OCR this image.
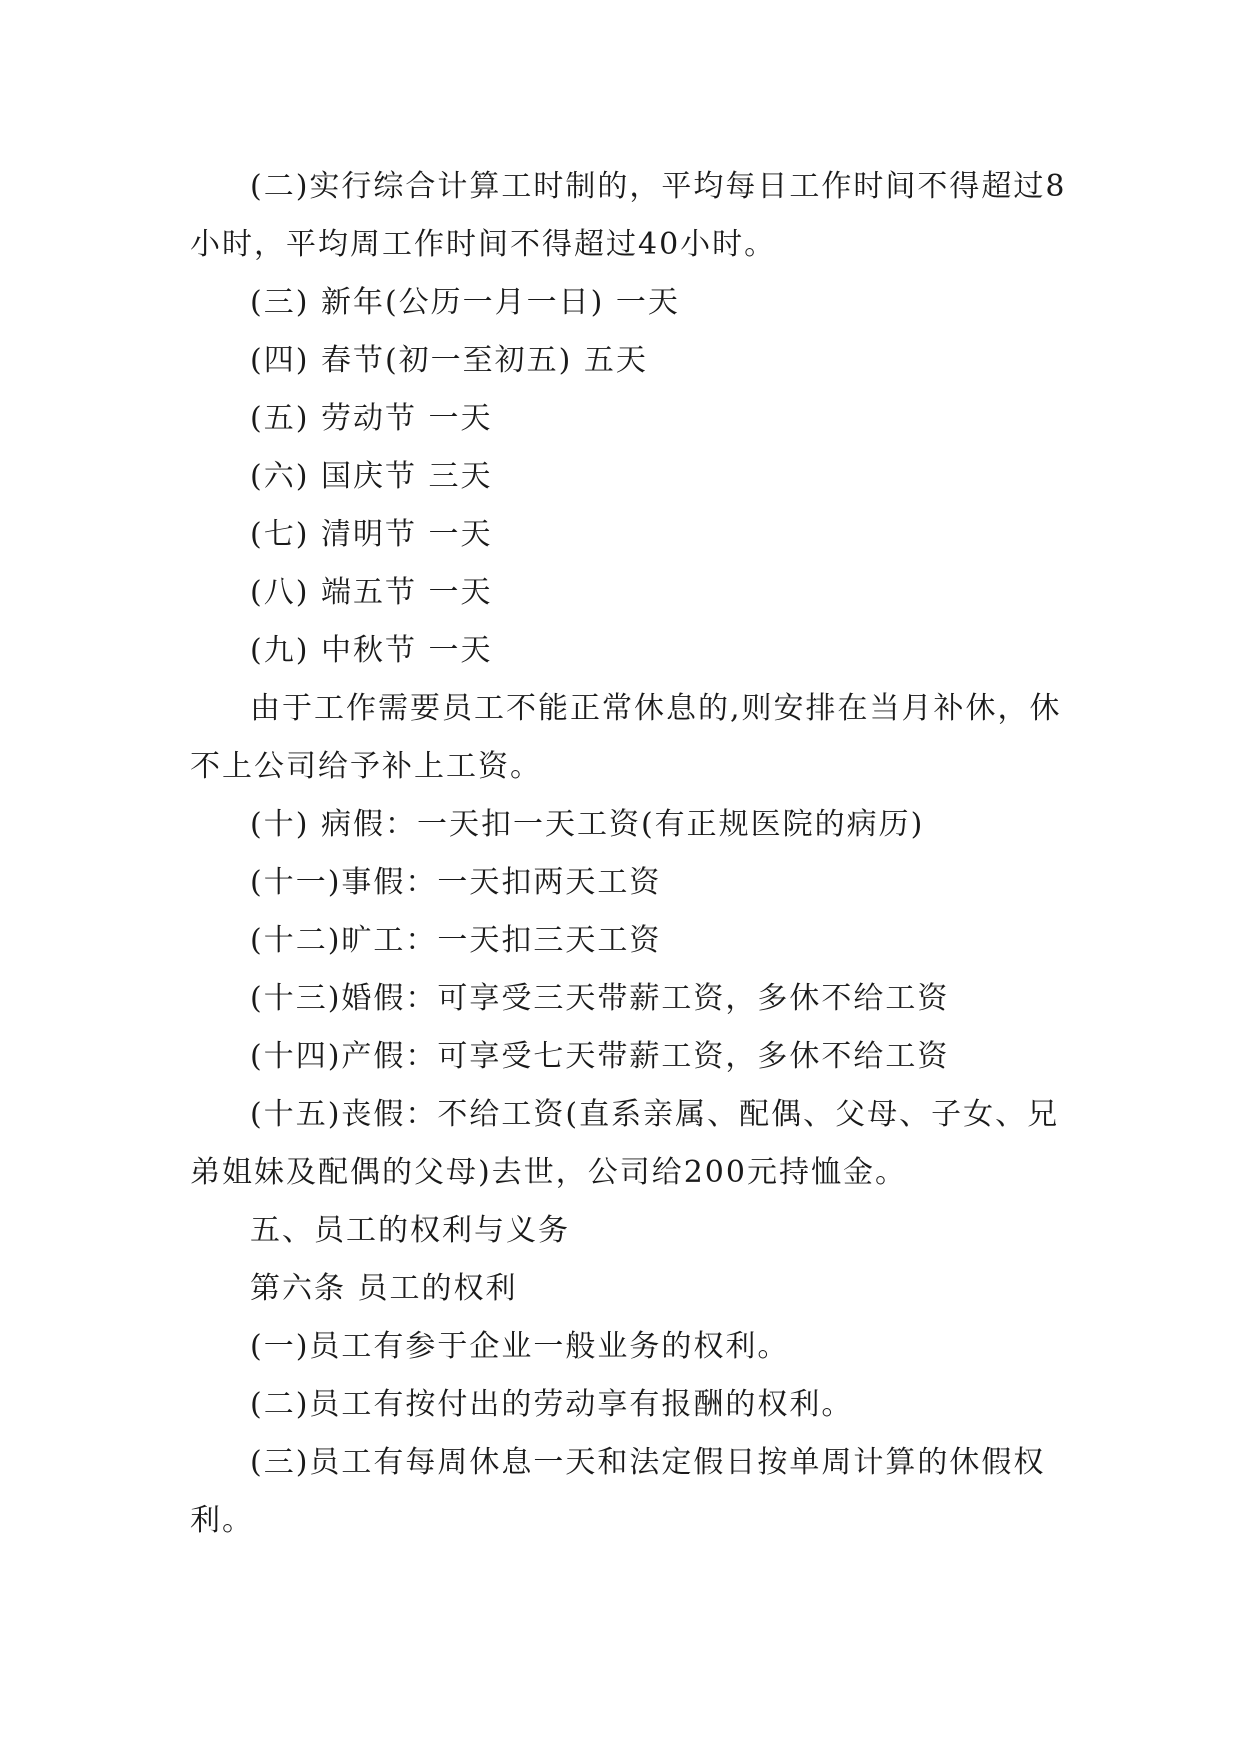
(二)实行综合计算工时制的，平均每日工作时间不得超过8小时，平均周工作时间不得超过40小时。

(三) 新年(公历一月一日) 一天

(四) 春节(初一至初五) 五天

(五) 劳动节 一天

(六) 国庆节 三天

(七) 清明节 一天

(八) 端五节 一天

(九) 中秋节 一天

由于工作需要员工不能正常休息的,则安排在当月补休，休不上公司给予补上工资。

(十) 病假：一天扣一天工资(有正规医院的病历)

(十一)事假：一天扣两天工资

(十二)旷工：一天扣三天工资

(十三)婚假：可享受三天带薪工资，多休不给工资

(十四)产假：可享受七天带薪工资，多休不给工资

(十五)丧假：不给工资(直系亲属、配偶、父母、子女、兄弟姐妹及配偶的父母)去世，公司给200元持恤金。

五、员工的权利与义务

第六条 员工的权利

(一)员工有参于企业一般业务的权利。

(二)员工有按付出的劳动享有报酬的权利。

(三)员工有每周休息一天和法定假日按单周计算的休假权利。
